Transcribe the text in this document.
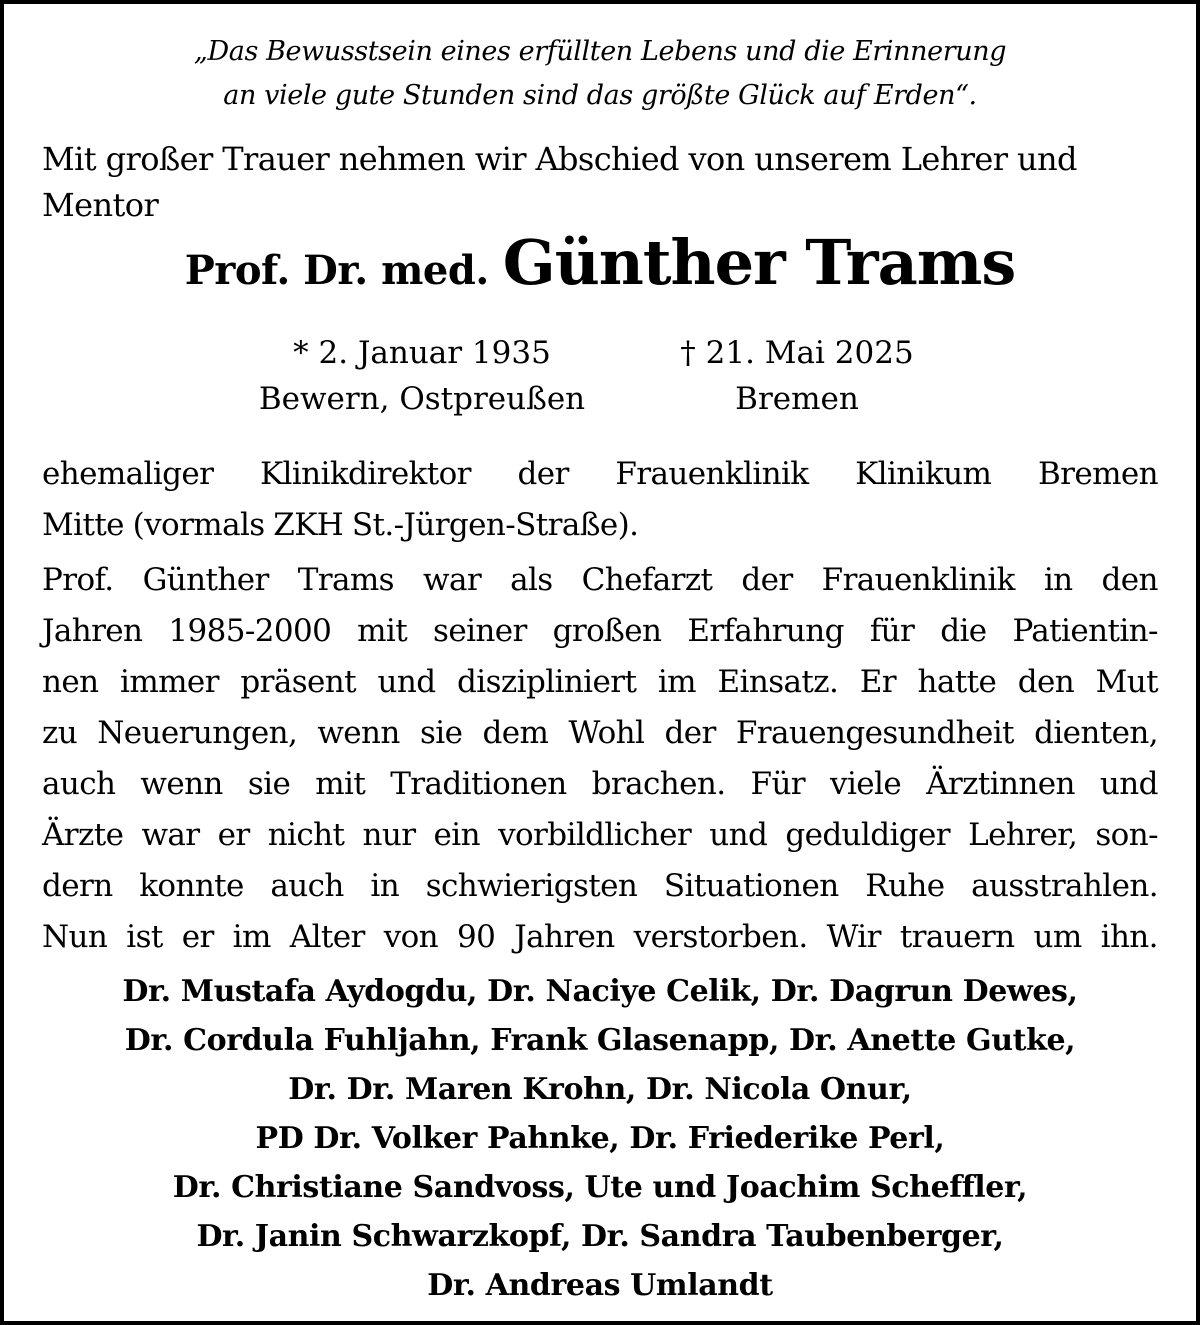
„Das Bewusstsein eines erfüllten Lebens und die Erinnerung
an viele gute Stunden sind das größte Glück auf Erden“.
Mit großer Trauer nehmen wir Abschied von unserem Lehrer und
Mentor
Prof. Dr. med. Günther Trams
* 2. Januar 1935
Bewern, Ostpreußen
† 21. Mai 2025
Bremen
ehemaliger Klinikdirektor der Frauenklinik Klinikum Bremen
Mitte (vormals ZKH St.-Jürgen-Straße).
Prof. Günther Trams war als Chefarzt der Frauenklinik in den
Jahren 1985-2000 mit seiner großen Erfahrung für die Patientin-
nen immer präsent und diszipliniert im Einsatz. Er hatte den Mut
zu Neuerungen, wenn sie dem Wohl der Frauengesundheit dienten,
auch wenn sie mit Traditionen brachen. Für viele Ärztinnen und
Ärzte war er nicht nur ein vorbildlicher und geduldiger Lehrer, son-
dern konnte auch in schwierigsten Situationen Ruhe ausstrahlen.
Nun ist er im Alter von 90 Jahren verstorben. Wir trauern um ihn.
Dr. Mustafa Aydogdu, Dr. Naciye Celik, Dr. Dagrun Dewes,
Dr. Cordula Fuhljahn, Frank Glasenapp, Dr. Anette Gutke,
Dr. Dr. Maren Krohn, Dr. Nicola Onur,
PD Dr. Volker Pahnke, Dr. Friederike Perl,
Dr. Christiane Sandvoss, Ute und Joachim Scheffler,
Dr. Janin Schwarzkopf, Dr. Sandra Taubenberger,
Dr. Andreas Umlandt
